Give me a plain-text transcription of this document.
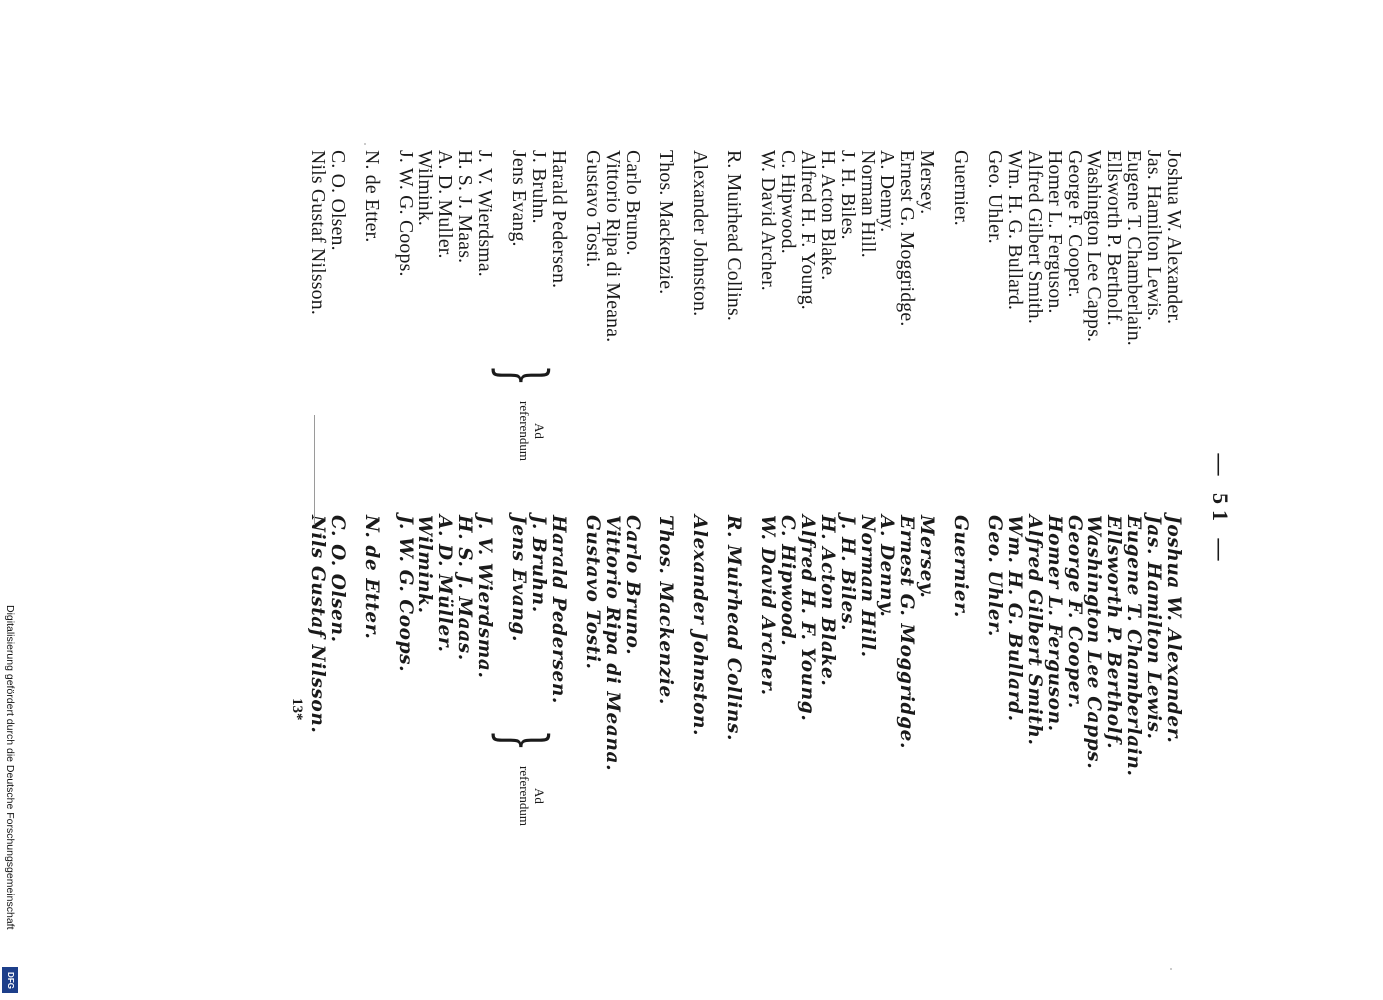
— 51 —
Joshua W. Alexander.
Jas. Hamilton Lewis.
Eugene T. Chamberlain.
Ellsworth P. Bertholf.
Washington Lee Capps.
George F. Cooper.
Homer L. Ferguson.
Alfred Gilbert Smith.
Wm. H. G. Bullard.
Geo. Uhler.
Guernier.
Mersey.
Ernest G. Moggridge.
A. Denny.
Norman Hill.
J. H. Biles.
H. Acton Blake.
Alfred H. F. Young.
C. Hipwood.
W. David Archer.
R. Muirhead Collins.
Alexander Johnston.
Thos. Mackenzie.
Carlo Bruno.
Vittorio Ripa di Meana.
Gustavo Tosti.
Harald Pedersen.
J. Bruhn.
Jens Evang.
J. V. Wierdsma.
H. S. J. Maas.
A. D. Muller.
Wilmink.
J. W. G. Coops.
N. de Etter.
C. O. Olsen.
Nils Gustaf Nilsson.
Joshua W. Alexander.
Jas. Hamilton Lewis.
Eugene T. Chamberlain.
Ellsworth P. Bertholf.
Washington Lee Capps.
George F. Cooper.
Homer L. Ferguson.
Alfred Gilbert Smith.
Wm. H. G. Bullard.
Geo. Uhler.
Guernier.
Mersey.
Ernest G. Moggridge.
A. Denny.
Norman Hill.
J. H. Biles.
H. Acton Blake.
Alfred H. F. Young.
C. Hipwood.
W. David Archer.
R. Muirhead Collins.
Alexander Johnston.
Thos. Mackenzie.
Carlo Bruno.
Vittorio Ripa di Meana.
Gustavo Tosti.
Harald Pedersen.
J. Bruhn.
Jens Evang.
J. V. Wierdsma.
H. S. J. Maas.
A. D. Müller.
Wilmink.
J. W. G. Coops.
N. de Etter.
C. O. Olsen.
Nils Gustaf Nilsson.
}
Ad
referendum
}
Ad
referendum
13*
Digitalisierung gefördert durch die Deutsche Forschungsgemeinschaft
DFG
